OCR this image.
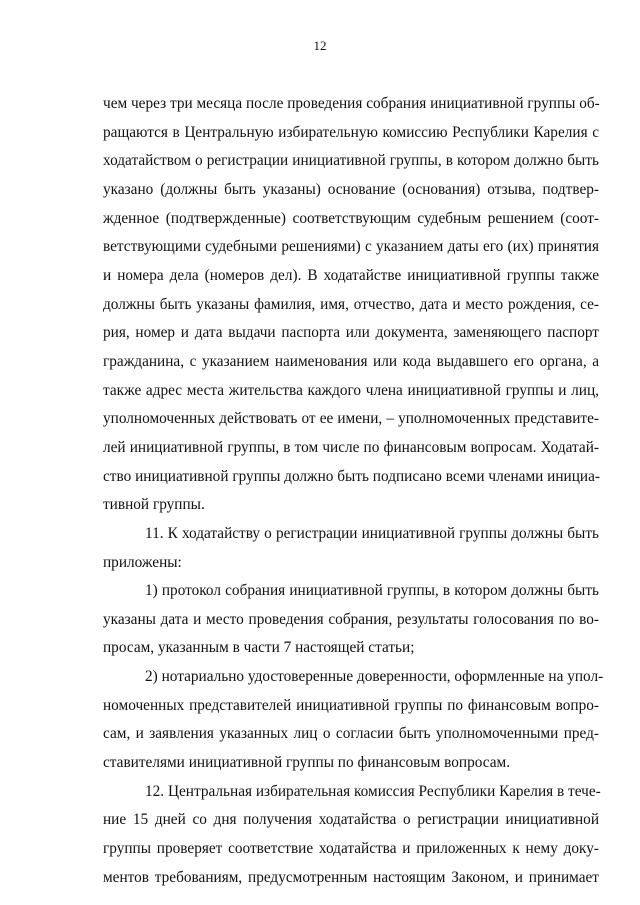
12
чем через три месяца после проведения собрания инициативной группы об-
ращаются в Центральную избирательную комиссию Республики Карелия с
ходатайством о регистрации инициативной группы, в котором должно быть
указано (должны быть указаны) основание (основания) отзыва, подтвер-
жденное (подтвержденные) соответствующим судебным решением (соот-
ветствующими судебными решениями) с указанием даты его (их) принятия
и номера дела (номеров дел). В ходатайстве инициативной группы также
должны быть указаны фамилия, имя, отчество, дата и место рождения, се-
рия, номер и дата выдачи паспорта или документа, заменяющего паспорт
гражданина, с указанием наименования или кода выдавшего его органа, а
также адрес места жительства каждого члена инициативной группы и лиц,
уполномоченных действовать от ее имени, – уполномоченных представите-
лей инициативной группы, в том числе по финансовым вопросам. Ходатай-
ство инициативной группы должно быть подписано всеми членами инициа-
тивной группы.
11. К ходатайству о регистрации инициативной группы должны быть
приложены:
1) протокол собрания инициативной группы, в котором должны быть
указаны дата и место проведения собрания, результаты голосования по во-
просам, указанным в части 7 настоящей статьи;
2) нотариально удостоверенные доверенности, оформленные на упол-
номоченных представителей инициативной группы по финансовым вопро-
сам, и заявления указанных лиц о согласии быть уполномоченными пред-
ставителями инициативной группы по финансовым вопросам.
12. Центральная избирательная комиссия Республики Карелия в тече-
ние 15 дней со дня получения ходатайства о регистрации инициативной
группы проверяет соответствие ходатайства и приложенных к нему доку-
ментов требованиям, предусмотренным настоящим Законом, и принимает
